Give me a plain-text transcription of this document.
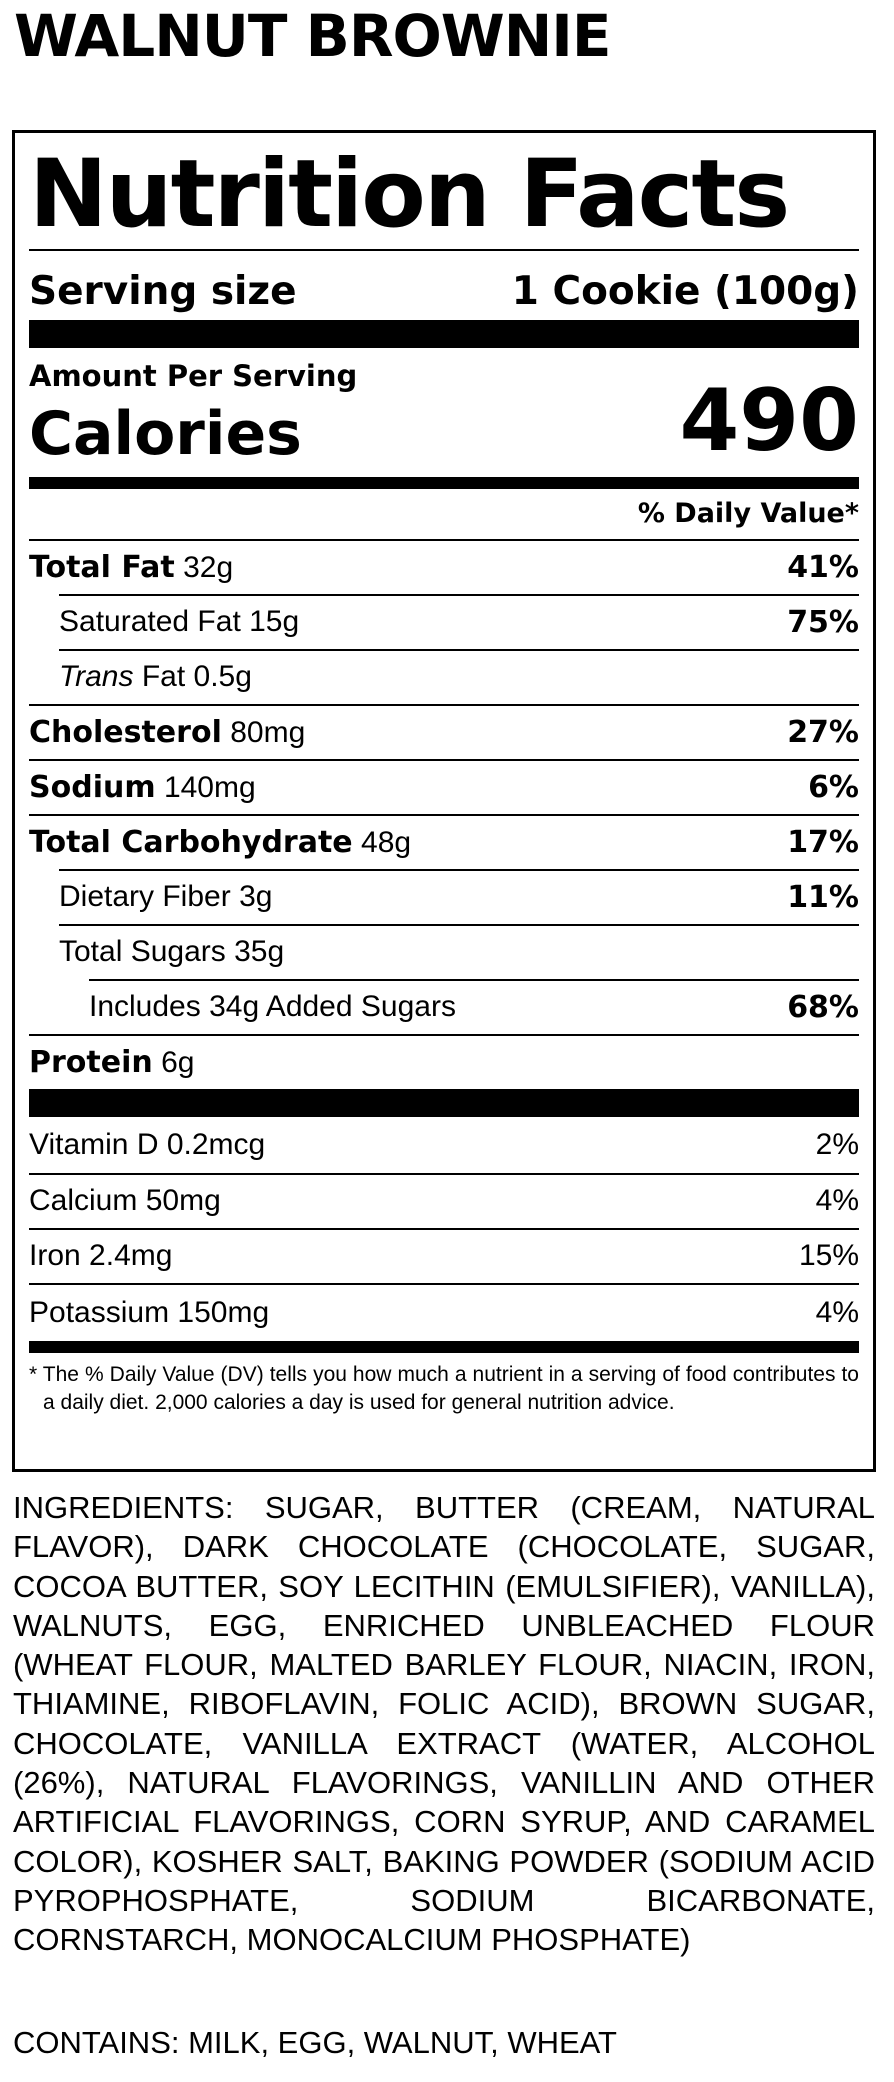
WALNUT BROWNIE
Nutrition Facts
Serving size	1 Cookie (100g)
Amount Per Serving
Calories	490
% Daily Value*
Total Fat 32g	41%
Saturated Fat 15g	75%
Trans Fat 0.5g
Cholesterol 80mg	27%
Sodium 140mg	6%
Total Carbohydrate 48g	17%
Dietary Fiber 3g	11%
Total Sugars 35g
Includes 34g Added Sugars	68%
Protein 6g
Vitamin D 0.2mcg	2%
Calcium 50mg	4%
Iron 2.4mg	15%
Potassium 150mg	4%
* The % Daily Value (DV) tells you how much a nutrient in a serving of food contributes to a daily diet. 2,000 calories a day is used for general nutrition advice.
INGREDIENTS: SUGAR, BUTTER (CREAM, NATURAL FLAVOR), DARK CHOCOLATE (CHOCOLATE, SUGAR, COCOA BUTTER, SOY LECITHIN (EMULSIFIER), VANILLA), WALNUTS, EGG, ENRICHED UNBLEACHED FLOUR (WHEAT FLOUR, MALTED BARLEY FLOUR, NIACIN, IRON, THIAMINE, RIBOFLAVIN, FOLIC ACID), BROWN SUGAR, CHOCOLATE, VANILLA EXTRACT (WATER, ALCOHOL (26%), NATURAL FLAVORINGS, VANILLIN AND OTHER ARTIFICIAL FLAVORINGS, CORN SYRUP, AND CARAMEL COLOR), KOSHER SALT, BAKING POWDER (SODIUM ACID PYROPHOSPHATE, SODIUM BICARBONATE, CORNSTARCH, MONOCALCIUM PHOSPHATE)
CONTAINS: MILK, EGG, WALNUT, WHEAT
